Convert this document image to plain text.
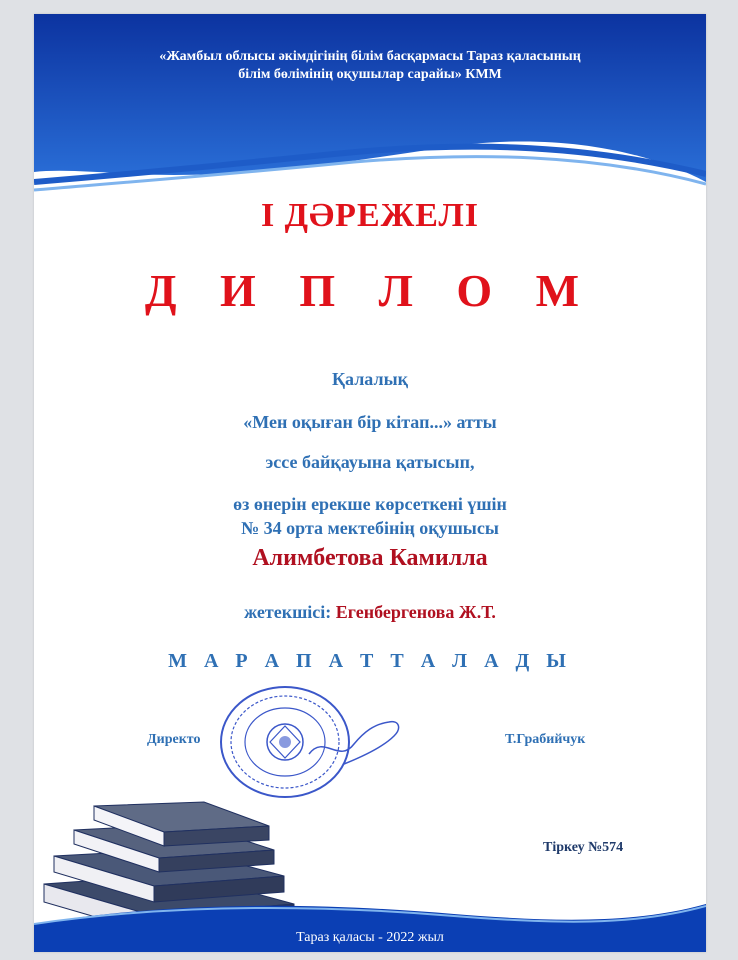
«Жамбыл облысы әкімдігінің білім басқармасы Тараз қаласының
білім бөлімінің оқушылар сарайы» КММ
І ДӘРЕЖЕЛІ
Д И П Л О М
Қалалық
«Мен оқыған бір кітап...» атты
эссе байқауына қатысып,
өз өнерін ерекше көрсеткені үшін
№ 34 орта мектебінің оқушысы
Алимбетова Камилла
жетекшісі: Егенбергенова Ж.Т.
М А Р А П А Т Т А Л А Д Ы
Директо	Т.Грабийчук
Тіркеу №574
Тараз қаласы - 2022 жыл
